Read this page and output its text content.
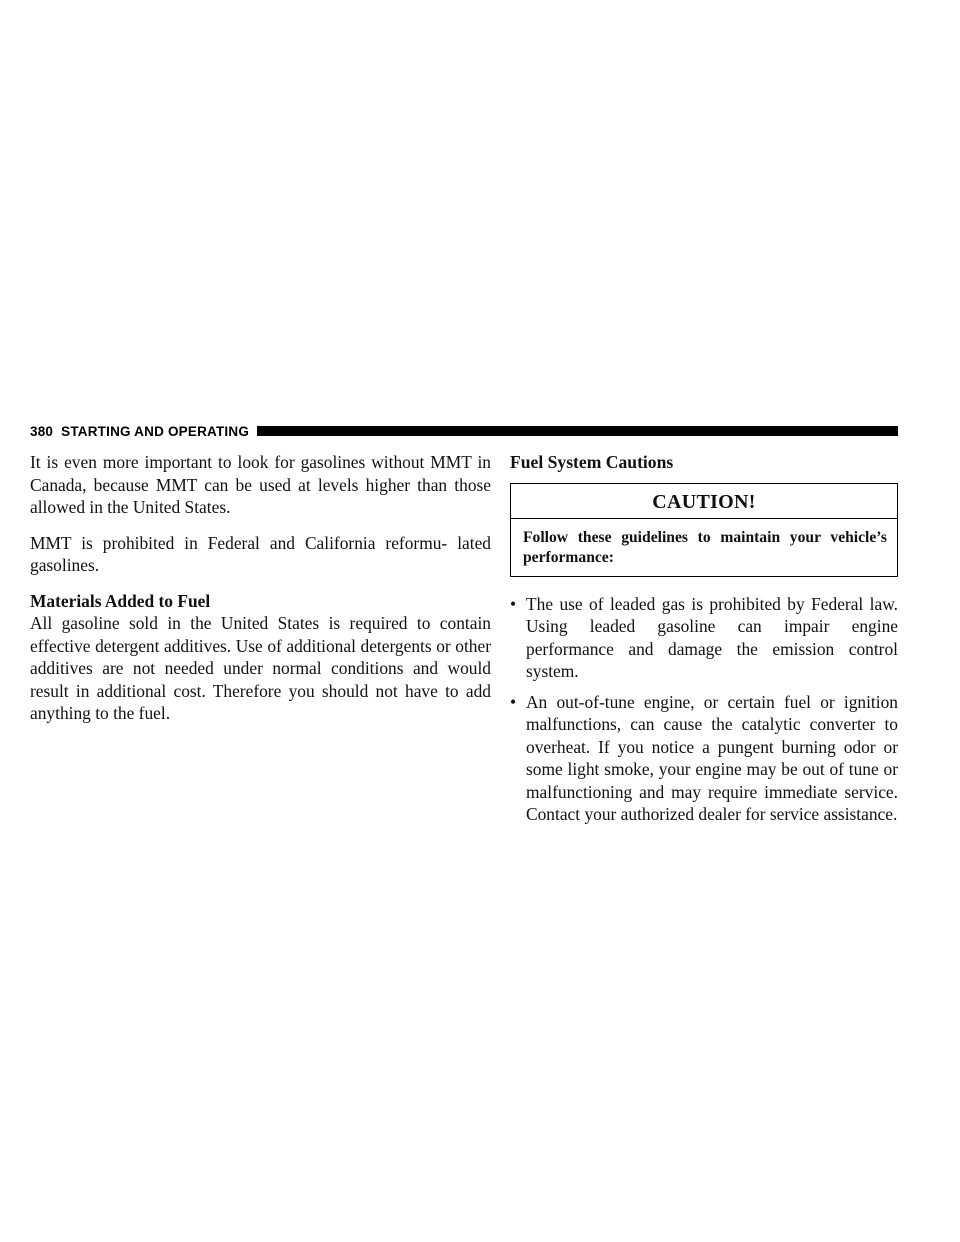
380 STARTING AND OPERATING

It is even more important to look for gasolines without MMT in Canada, because MMT can be used at levels higher than those allowed in the United States.

MMT is prohibited in Federal and California reformu- lated gasolines.

Materials Added to Fuel

All gasoline sold in the United States is required to contain effective detergent additives. Use of additional detergents or other additives are not needed under normal conditions and would result in additional cost. Therefore you should not have to add anything to the fuel.

Fuel System Cautions
CAUTION!
Follow these guidelines to maintain your vehicle’s performance:
• The use of leaded gas is prohibited by Federal law. Using leaded gasoline can impair engine performance and damage the emission control system.
• An out-of-tune engine, or certain fuel or ignition malfunctions, can cause the catalytic converter to overheat. If you notice a pungent burning odor or some light smoke, your engine may be out of tune or malfunctioning and may require immediate service. Contact your authorized dealer for service assistance.
